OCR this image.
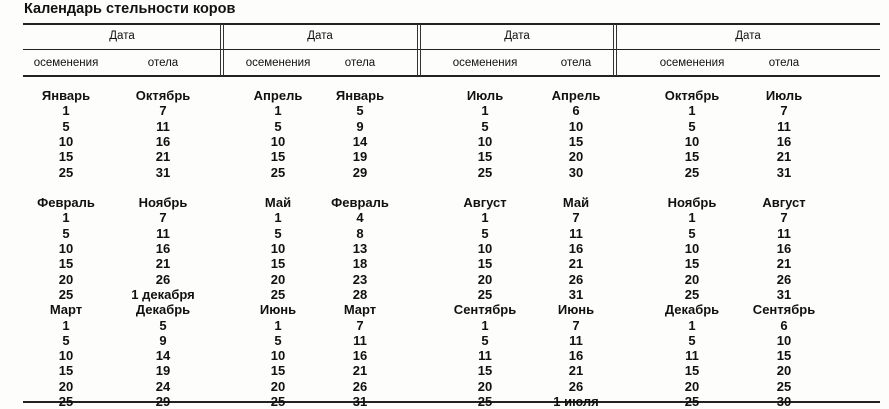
Календарь стельности коров
Дата
осеменения	отела
Январь	Октябрь
1	7
5	11
10	16
15	21
25	31
Февраль	Ноябрь
1	7
5	11
10	16
15	21
20	26
25	1 декабря
Март	Декабрь
1	5
5	9
10	14
15	19
20	24
25	29
Дата
осеменения	отела
Апрель	Январь
1	5
5	9
10	14
15	19
25	29
Май	Февраль
1	4
5	8
10	13
15	18
20	23
25	28
Июнь	Март
1	7
5	11
10	16
15	21
20	26
25	31
Дата
осеменения	отела
Июль	Апрель
1	6
5	10
10	15
15	20
25	30
Август	Май
1	7
5	11
10	16
15	21
20	26
25	31
Сентябрь	Июнь
1	7
5	11
11	16
15	21
20	26
25	1 июля
Дата
осеменения	отела
Октябрь	Июль
1	7
5	11
10	16
15	21
25	31
Ноябрь	Август
1	7
5	11
10	16
15	21
20	26
25	31
Декабрь	Сентябрь
1	6
5	10
11	15
15	20
20	25
25	30
